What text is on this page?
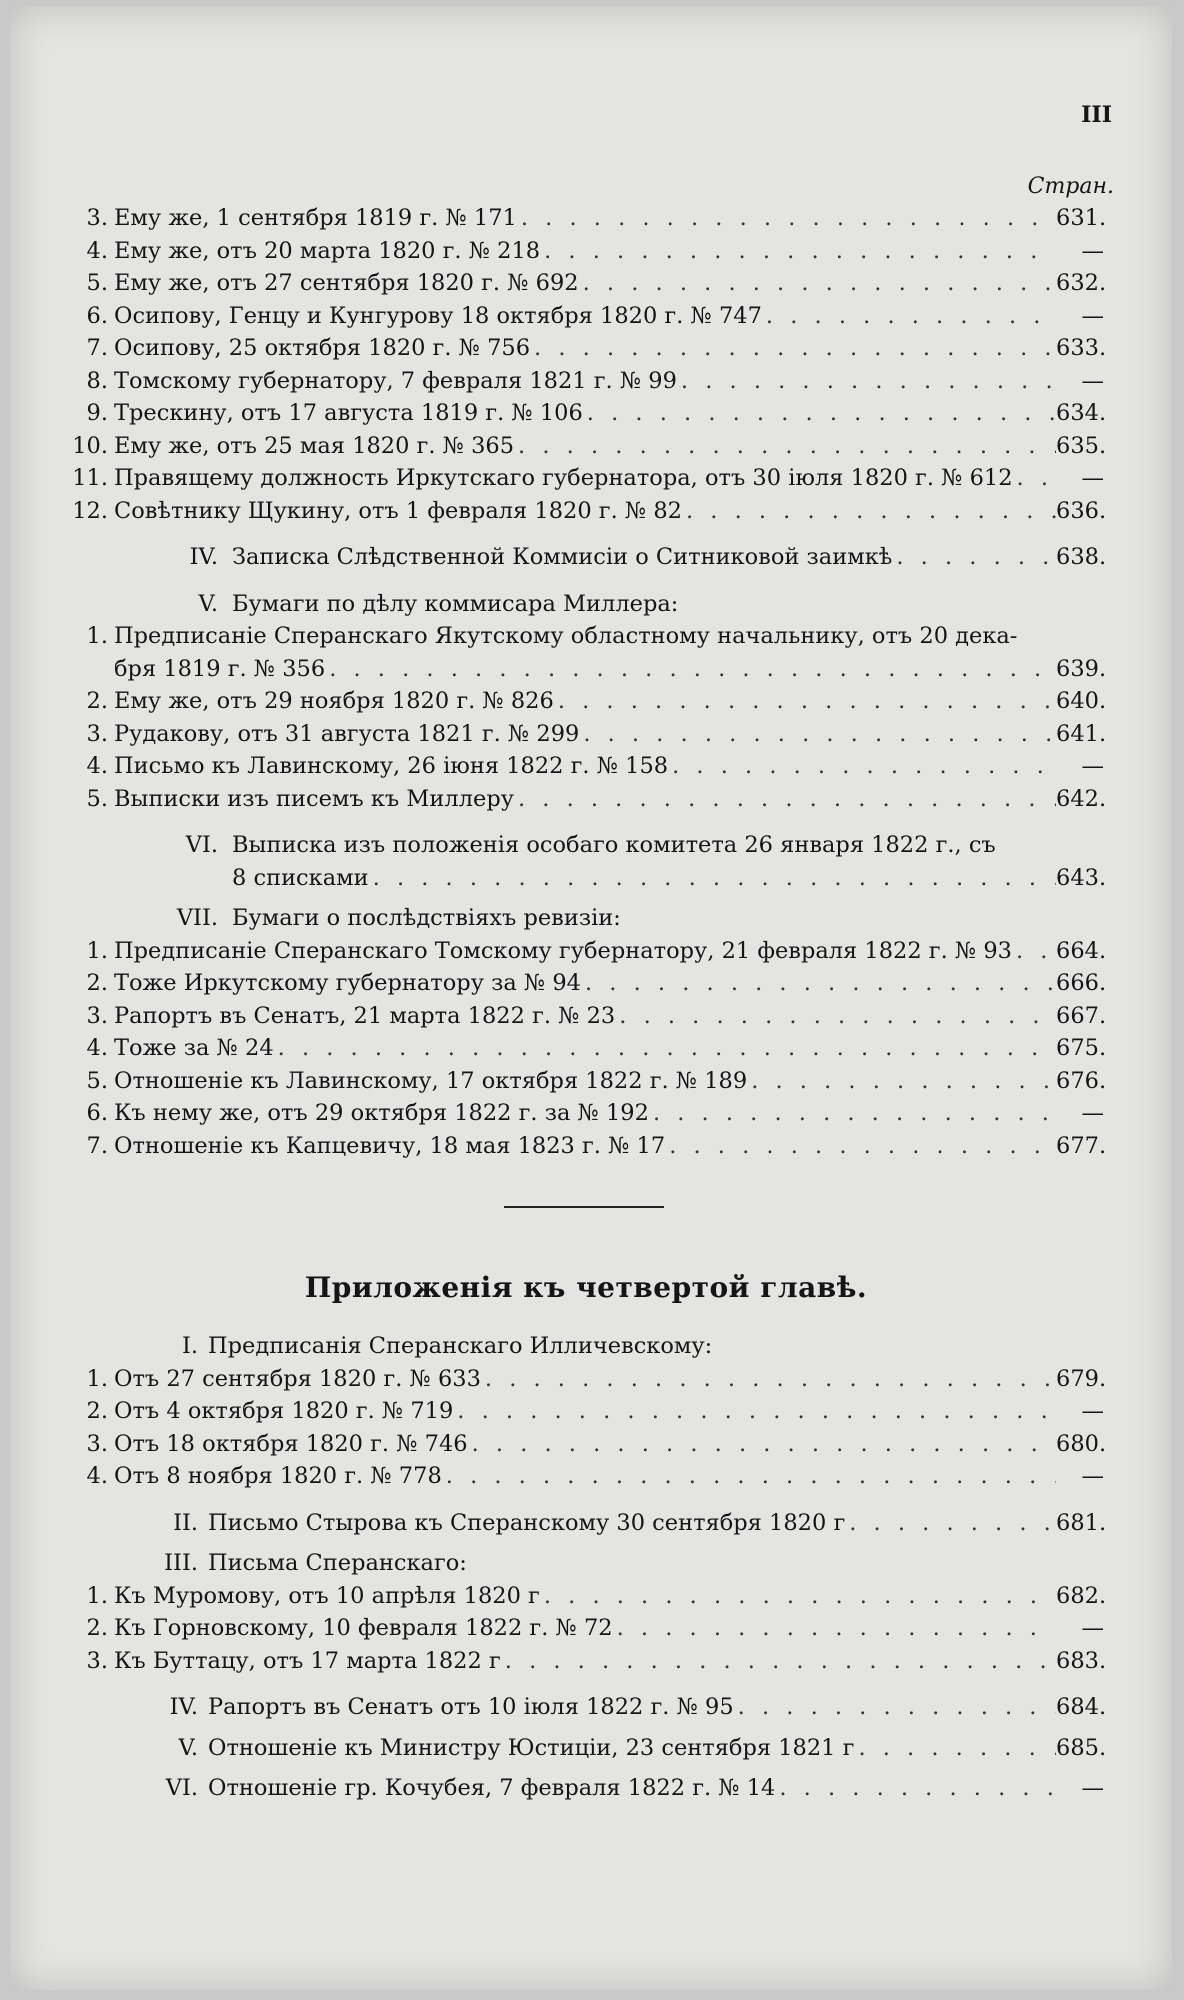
III
Стран.
3. Ему же, 1 сентября 1819 г. № 171 . . .	631.
4. Ему же, отъ 20 марта 1820 г. № 218 . . .	—
5. Ему же, отъ 27 сентября 1820 г. № 692 . . .	632.
6. Осипову, Генцу и Кунгурову 18 октября 1820 г. № 747 . . .	—
7. Осипову, 25 октября 1820 г. № 756 . . .	633.
8. Томскому губернатору, 7 февраля 1821 г. № 99 . . .	—
9. Трескину, отъ 17 августа 1819 г. № 106 . . .	634.
10. Ему же, отъ 25 мая 1820 г. № 365 . . .	635.
11. Правящему должность Иркутскаго губернатора, отъ 30 іюля 1820 г. № 612 . . .	—
12. Совѣтнику Щукину, отъ 1 февраля 1820 г. № 82 . . .	636.
IV. Записка Слѣдственной Коммисіи о Ситниковой заимкѣ . . .	638.
V. Бумаги по дѣлу коммисара Миллера:
1. Предписаніе Сперанскаго Якутскому областному начальнику, отъ 20 дека-
бря 1819 г. № 356 . . .	639.
2. Ему же, отъ 29 ноября 1820 г. № 826 . . .	640.
3. Рудакову, отъ 31 августа 1821 г. № 299 . . .	641.
4. Письмо къ Лавинскому, 26 іюня 1822 г. № 158 . . .	—
5. Выписки изъ писемъ къ Миллеру . . .	642.
VI. Выписка изъ положенія особаго комитета 26 января 1822 г., съ
8 списками . . .	643.
VII. Бумаги о послѣдствіяхъ ревизіи:
1. Предписаніе Сперанскаго Томскому губернатору, 21 февраля 1822 г. № 93 . . . 664.
2. Тоже Иркутскому губернатору за № 94 . . .	666.
3. Рапортъ въ Сенатъ, 21 марта 1822 г. № 23 . . .	667.
4. Тоже за № 24 . . .	675.
5. Отношеніе къ Лавинскому, 17 октября 1822 г. № 189 . . .	676.
6. Къ нему же, отъ 29 октября 1822 г. за № 192 . . .	—
7. Отношеніе къ Капцевичу, 18 мая 1823 г. № 17 . . .	677.
Приложенія къ четвертой главѣ.
I. Предписанія Сперанскаго Илличевскому:
1. Отъ 27 сентября 1820 г. № 633 . . .	679.
2. Отъ 4 октября 1820 г. № 719 . . .	—
3. Отъ 18 октября 1820 г. № 746 . . .	680.
4. Отъ 8 ноября 1820 г. № 778 . . .	—
II. Письмо Стырова къ Сперанскому 30 сентября 1820 г . . .	681.
III. Письма Сперанскаго:
1. Къ Муромову, отъ 10 апрѣля 1820 г . . .	682.
2. Къ Горновскому, 10 февраля 1822 г. № 72 . . .	—
3. Къ Буттацу, отъ 17 марта 1822 г . . .	683.
IV. Рапортъ въ Сенатъ отъ 10 іюля 1822 г. № 95 . . .	684.
V. Отношеніе къ Министру Юстиціи, 23 сентября 1821 г . . .	685.
VI. Отношеніе гр. Кочубея, 7 февраля 1822 г. № 14 . . .	—
